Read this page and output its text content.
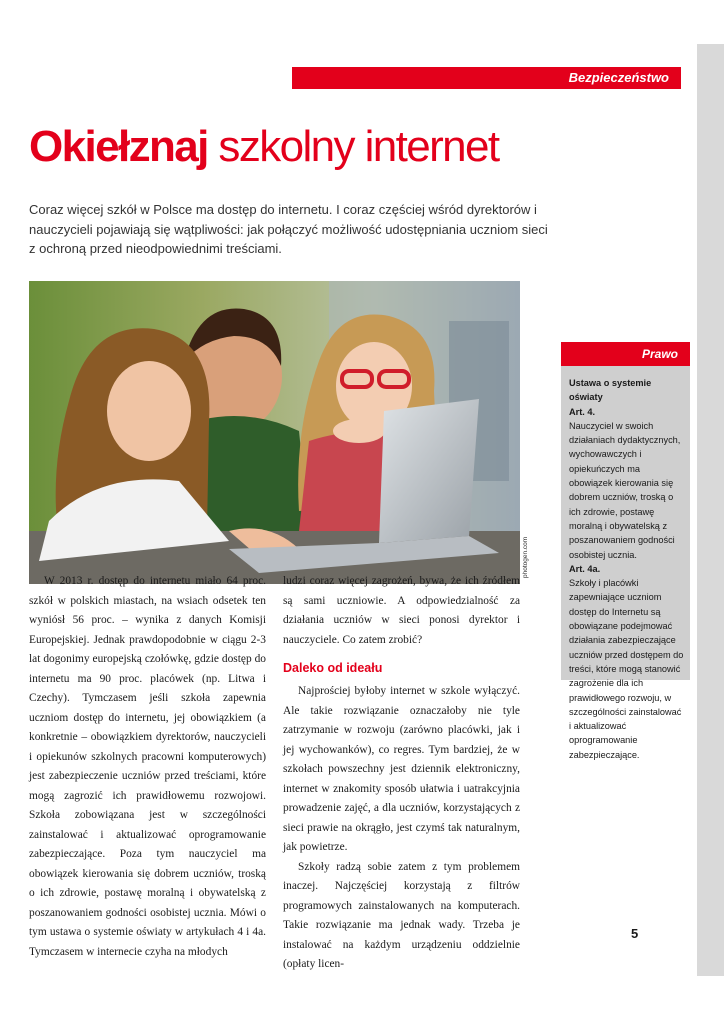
Bezpieczeństwo
Okiełznaj szkolny internet

Coraz więcej szkół w Polsce ma dostęp do internetu. I coraz częściej wśród dyrektorów i nauczycieli pojawiają się wątpliwości: jak połączyć możliwość udostępniania uczniom sieci z ochroną przed nieodpowiednimi treściami.

photogen.com
Prawo
Ustawa o systemie oświaty
Art. 4.
Nauczyciel w swoich działaniach dydaktycznych, wychowawczych i opiekuńczych ma obowiązek kierowania się dobrem uczniów, troską o ich zdrowie, postawę moralną i obywatelską z poszanowaniem godności osobistej ucznia.
Art. 4a.
Szkoły i placówki zapewniające uczniom dostęp do Internetu są obowiązane podejmować działania zabezpieczające uczniów przed dostępem do treści, które mogą stanowić zagrożenie dla ich prawidłowego rozwoju, w szczególności zainstalować i aktualizować oprogramowanie zabezpieczające.

W 2013 r. dostęp do internetu miało 64 proc. szkół w polskich miastach, na wsiach odsetek ten wyniósł 56 proc. – wynika z danych Komisji Europejskiej. Jednak prawdopodobnie w ciągu 2-3 lat dogonimy europejską czołówkę, gdzie dostęp do internetu ma 90 proc. placówek (np. Litwa i Czechy). Tymczasem jeśli szkoła zapewnia uczniom dostęp do internetu, jej obowiązkiem (a konkretnie – obowiązkiem dyrektorów, nauczycieli i opiekunów szkolnych pracowni komputerowych) jest zabezpieczenie uczniów przed treściami, które mogą zagrozić ich prawidłowemu rozwojowi. Szkoła zobowiązana jest w szczególności zainstalować i aktualizować oprogramowanie zabezpieczające. Poza tym nauczyciel ma obowiązek kierowania się dobrem uczniów, troską o ich zdrowie, postawę moralną i obywatelską z poszanowaniem godności osobistej ucznia. Mówi o tym ustawa o systemie oświaty w artykułach 4 i 4a. Tymczasem w internecie czyha na młodych

ludzi coraz więcej zagrożeń, bywa, że ich źródłem są sami uczniowie. A odpowiedzialność za działania uczniów w sieci ponosi dyrektor i nauczyciele. Co zatem zrobić?

Daleko od ideału

Najprościej byłoby internet w szkole wyłączyć. Ale takie rozwiązanie oznaczałoby nie tyle zatrzymanie w rozwoju (zarówno placówki, jak i jej wychowanków), co regres. Tym bardziej, że w szkołach powszechny jest dziennik elektroniczny, internet w znakomity sposób ułatwia i uatrakcyjnia prowadzenie zajęć, a dla uczniów, korzystających z sieci prawie na okrągło, jest czymś tak naturalnym, jak powietrze.

Szkoły radzą sobie zatem z tym problemem inaczej. Najczęściej korzystają z filtrów programowych zainstalowanych na komputerach. Takie rozwiązanie ma jednak wady. Trzeba je instalować na każdym urządzeniu oddzielnie (opłaty licen-

5
